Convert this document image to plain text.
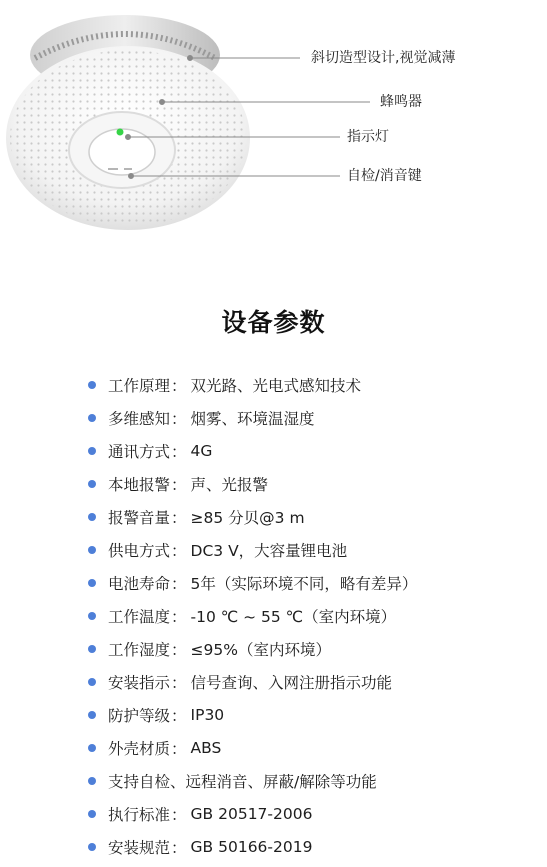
斜切造型设计,视觉减薄
蜂鸣器
指示灯
自检/消音键
设备参数
工作原理 ： 双光路、光电式感知技术
多维感知 ： 烟雾、环境温湿度
通讯方式 ： 4G
本地报警 ： 声、光报警
报警音量 ： ≥85 分贝@3 m
供电方式 ： DC3 V，大容量锂电池
电池寿命 ： 5年（实际环境不同，略有差异）
工作温度 ： -10 ℃ ~ 55 ℃（室内环境）
工作湿度 ： ≤95%（室内环境）
安装指示 ： 信号查询、入网注册指示功能
防护等级 ： IP30
外壳材质 ： ABS
支持自检、远程消音、屏蔽/解除等功能
执行标准 ： GB 20517-2006
安装规范 ： GB 50166-2019
